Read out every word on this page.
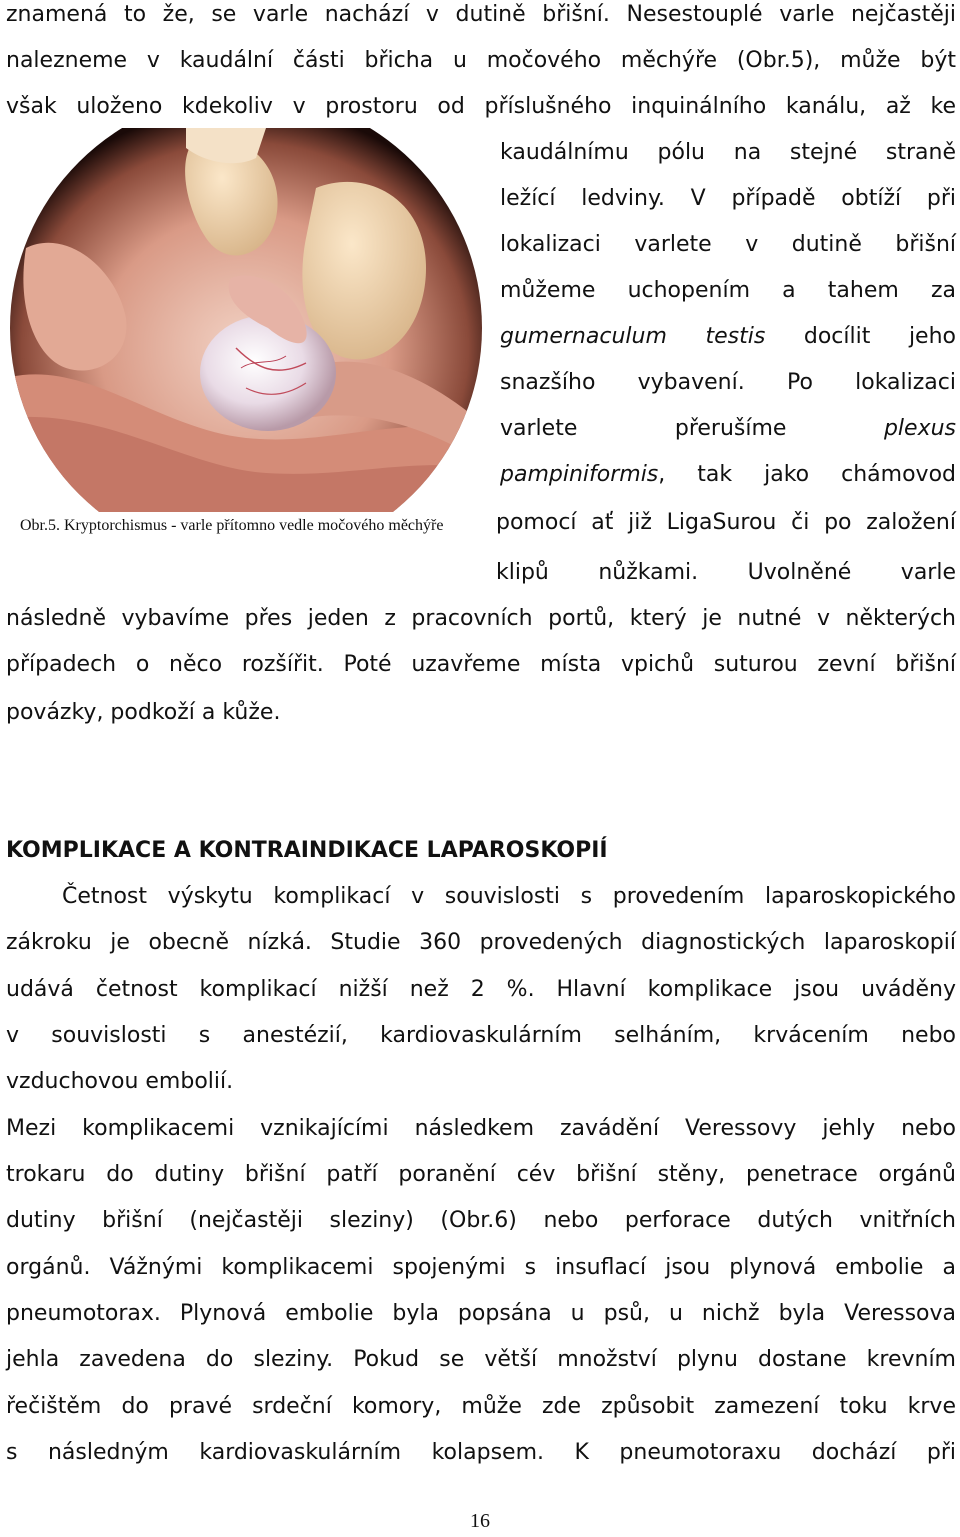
znamená to že, se varle nachází v dutině břišní. Nesestouplé varle nejčastěji
nalezneme v kaudální části břicha u močového měchýře (Obr.5), může být
však uloženo kdekoliv v prostoru od příslušného inquinálního kanálu, až ke
kaudálnímu pólu na stejné straně
ležící ledviny. V případě obtíží při
lokalizaci varlete v dutině břišní
můžeme uchopením a tahem za
gumernaculum testis docílit jeho
snazšího vybavení. Po lokalizaci
varlete přerušíme	plexus
pampiniformis, tak jako chámovod
pomocí ať již LigaSurou či po založení
klipů nůžkami. Uvolněné varle
Obr.5. Kryptorchismus - varle přítomno vedle močového měchýře
následně vybavíme přes jeden z pracovních portů, který je nutné v některých
případech o něco rozšířit. Poté uzavřeme místa vpichů suturou zevní břišní
povázky, podkoží a kůže.
KOMPLIKACE A KONTRAINDIKACE LAPAROSKOPIÍ
Četnost výskytu komplikací v souvislosti s provedením laparoskopického
zákroku je obecně nízká. Studie 360 provedených diagnostických laparoskopií
udává četnost komplikací nižší než 2 %. Hlavní komplikace jsou uváděny
v souvislosti s anestézií, kardiovaskulárním selháním, krvácením nebo
vzduchovou embolií.
Mezi komplikacemi vznikajícími následkem zavádění Veressovy jehly nebo
trokaru do dutiny břišní patří poranění cév břišní stěny, penetrace orgánů
dutiny břišní (nejčastěji sleziny) (Obr.6) nebo perforace dutých vnitřních
orgánů. Vážnými komplikacemi spojenými s insuflací jsou plynová embolie a
pneumotorax. Plynová embolie byla popsána u psů, u nichž byla Veressova
jehla zavedena do sleziny. Pokud se větší množství plynu dostane krevním
řečištěm do pravé srdeční komory, může zde způsobit zamezení toku krve
s následným kardiovaskulárním kolapsem. K pneumotoraxu dochází při
16
